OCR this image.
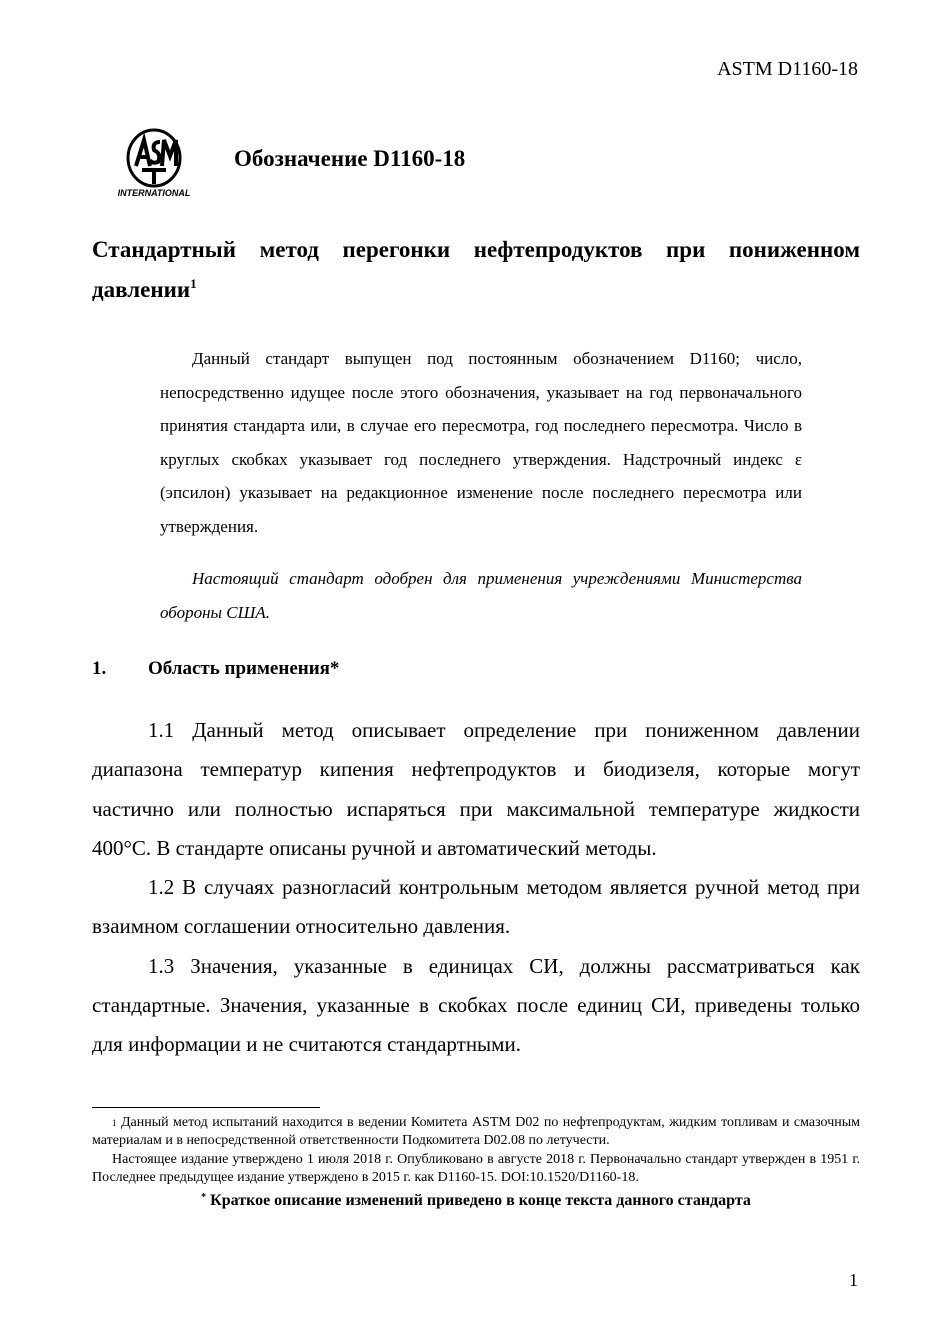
ASTM D1160-18
INTERNATIONAL
Обозначение D1160-18
Стандартный метод перегонки нефтепродуктов при пониженном давлении$^1$

Данный стандарт выпущен под постоянным обозначением D1160; число, непосредственно идущее после этого обозначения, указывает на год первоначального принятия стандарта или, в случае его пересмотра, год последнего пересмотра. Число в круглых скобках указывает год последнего утверждения. Надстрочный индекс ε (эпсилон) указывает на редакционное изменение после последнего пересмотра или утверждения.

Настоящий стандарт одобрен для применения учреждениями Министерства обороны США.

1. Область применения*

1.1 Данный метод описывает определение при пониженном давлении диапазона температур кипения нефтепродуктов и биодизеля, которые могут частично или полностью испаряться при максимальной температуре жидкости 400°С. В стандарте описаны ручной и автоматический методы.

1.2 В случаях разногласий контрольным методом является ручной метод при взаимном соглашении относительно давления.

1.3 Значения, указанные в единицах СИ, должны рассматриваться как стандартные. Значения, указанные в скобках после единиц СИ, приведены только для информации и не считаются стандартными.

$^1$ Данный метод испытаний находится в ведении Комитета ASTM D02 по нефтепродуктам, жидким топливам и смазочным материалам и в непосредственной ответственности Подкомитета D02.08 по летучести.

Настоящее издание утверждено 1 июля 2018 г. Опубликовано в августе 2018 г. Первоначально стандарт утвержден в 1951 г. Последнее предыдущее издание утверждено в 2015 г. как D1160-15. DOI:10.1520/D1160-18.

* Краткое описание изменений приведено в конце текста данного стандарта
1
